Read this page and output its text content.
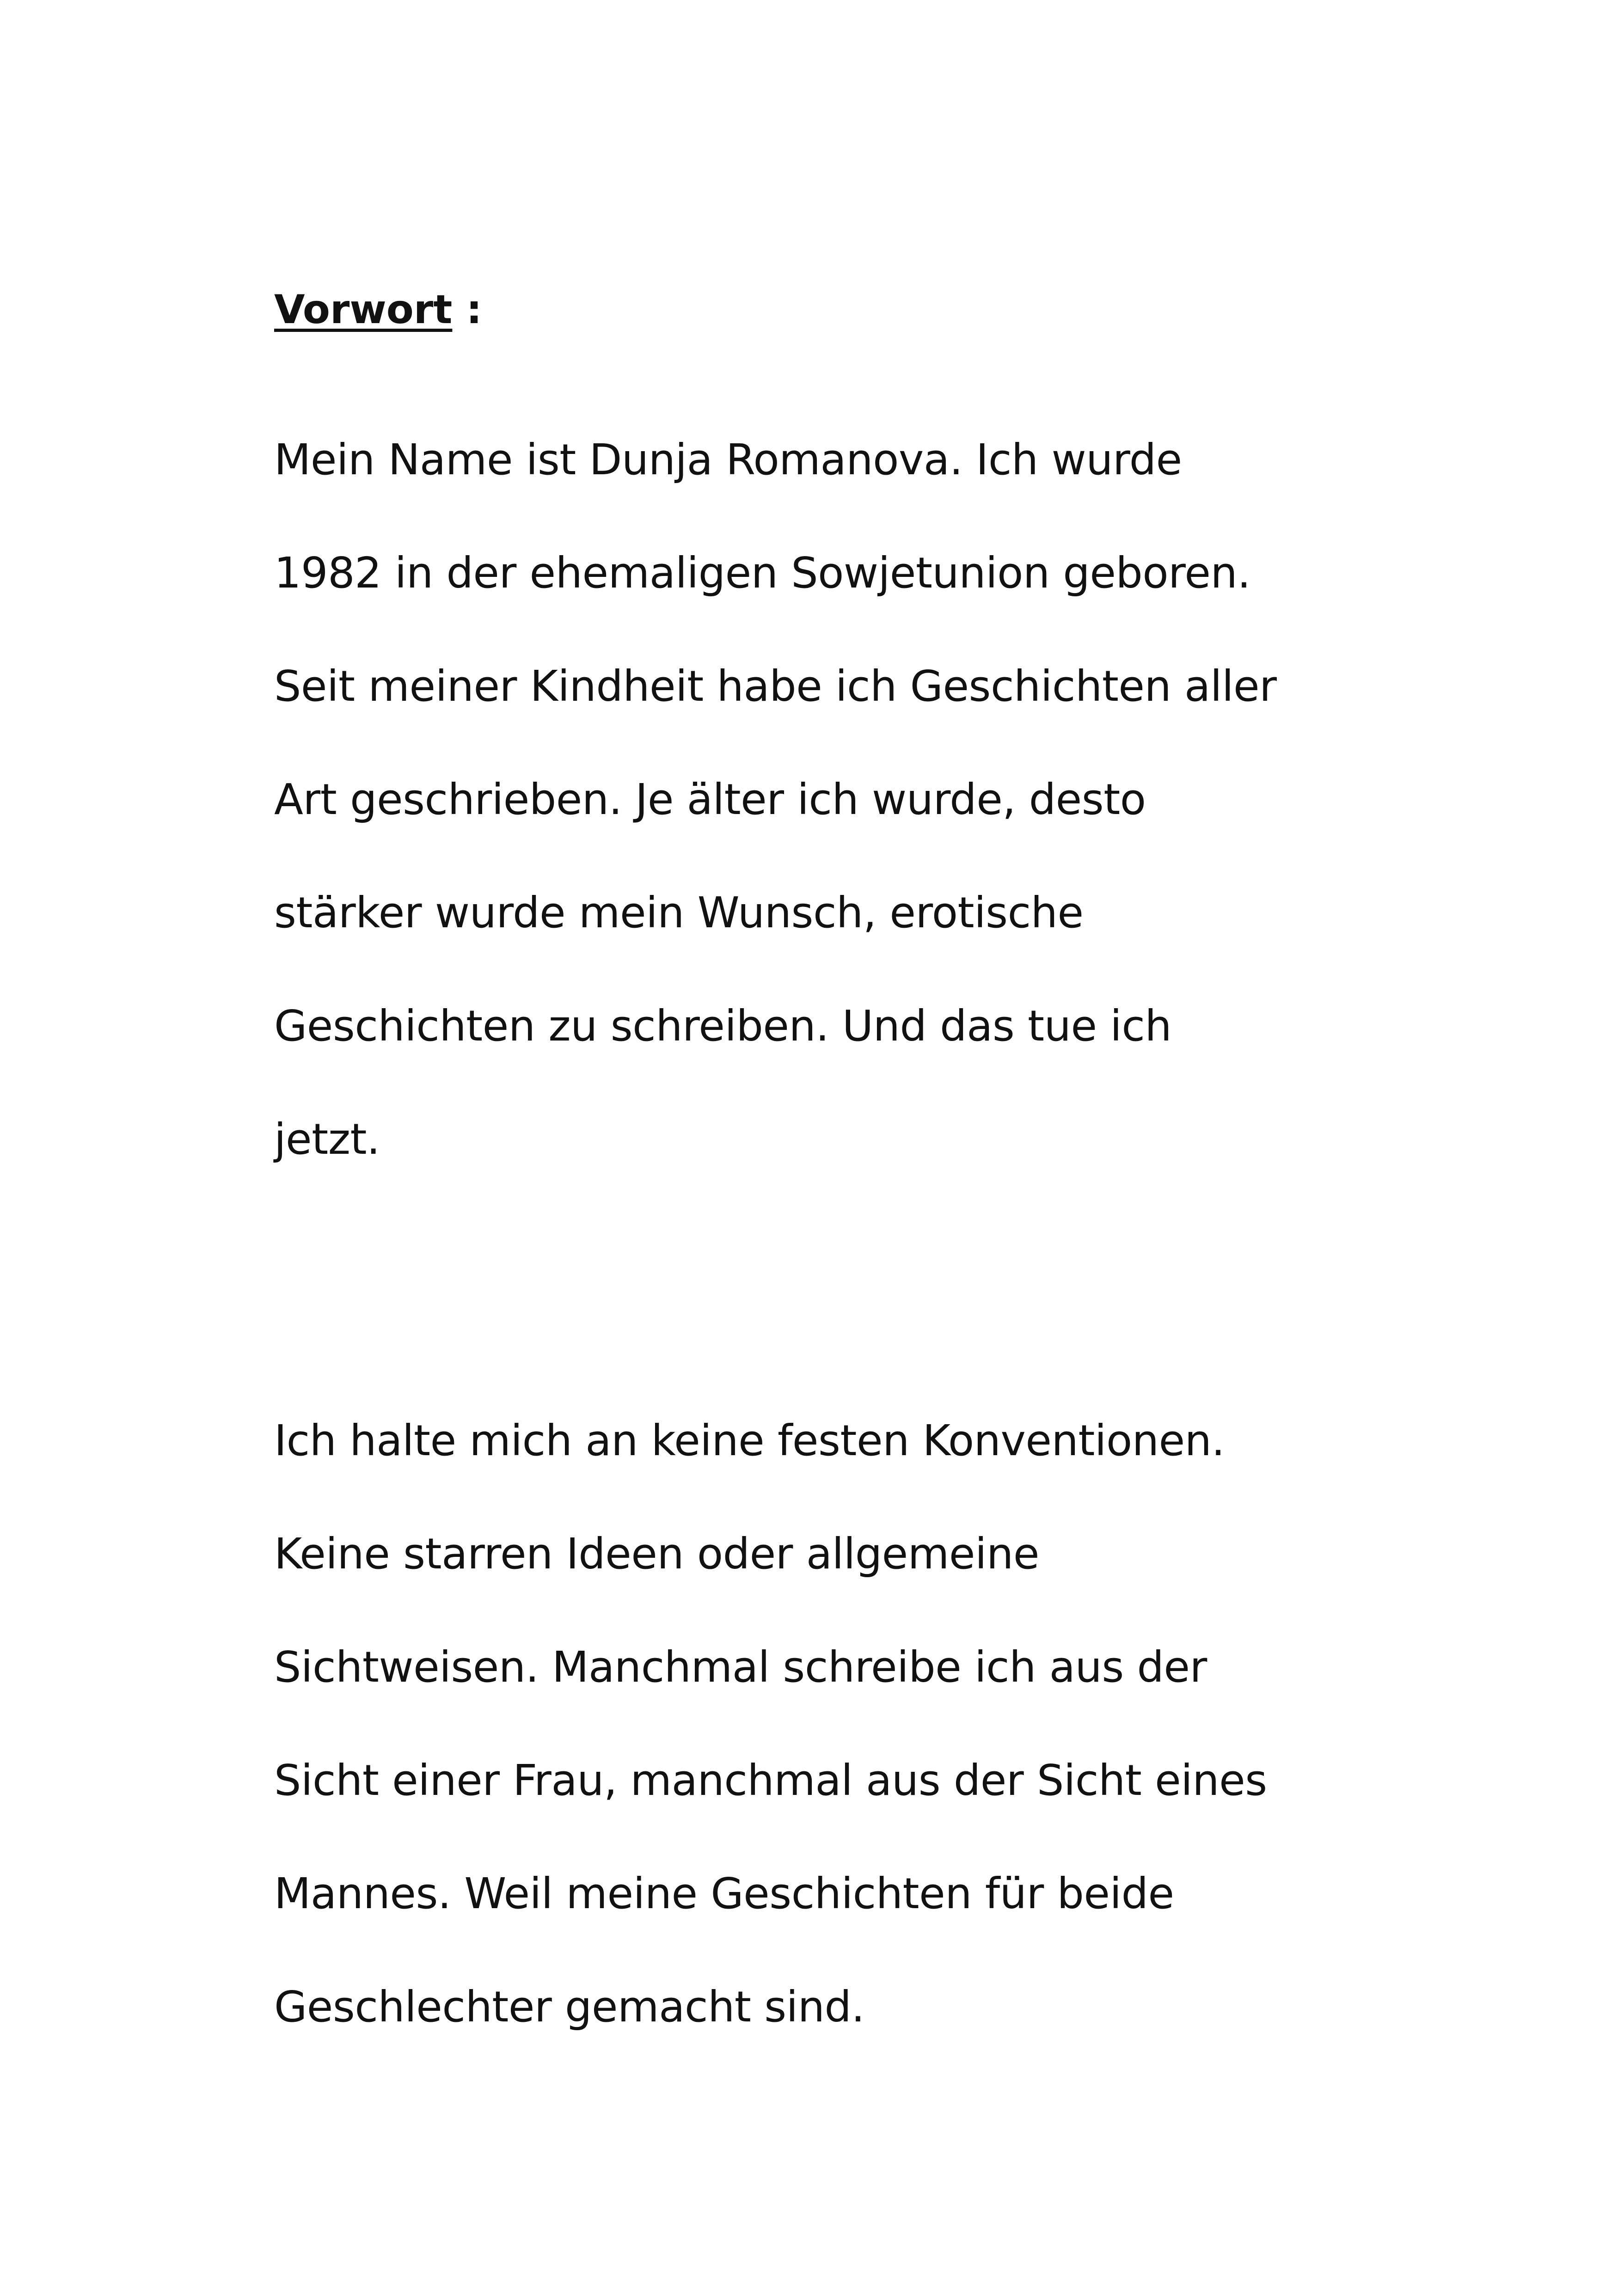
Vorwort :
Mein Name ist Dunja Romanova. Ich wurde
1982 in der ehemaligen Sowjetunion geboren.
Seit meiner Kindheit habe ich Geschichten aller
Art geschrieben. Je älter ich wurde, desto
stärker wurde mein Wunsch, erotische
Geschichten zu schreiben. Und das tue ich
jetzt.
Ich halte mich an keine festen Konventionen.
Keine starren Ideen oder allgemeine
Sichtweisen. Manchmal schreibe ich aus der
Sicht einer Frau, manchmal aus der Sicht eines
Mannes. Weil meine Geschichten für beide
Geschlechter gemacht sind.
